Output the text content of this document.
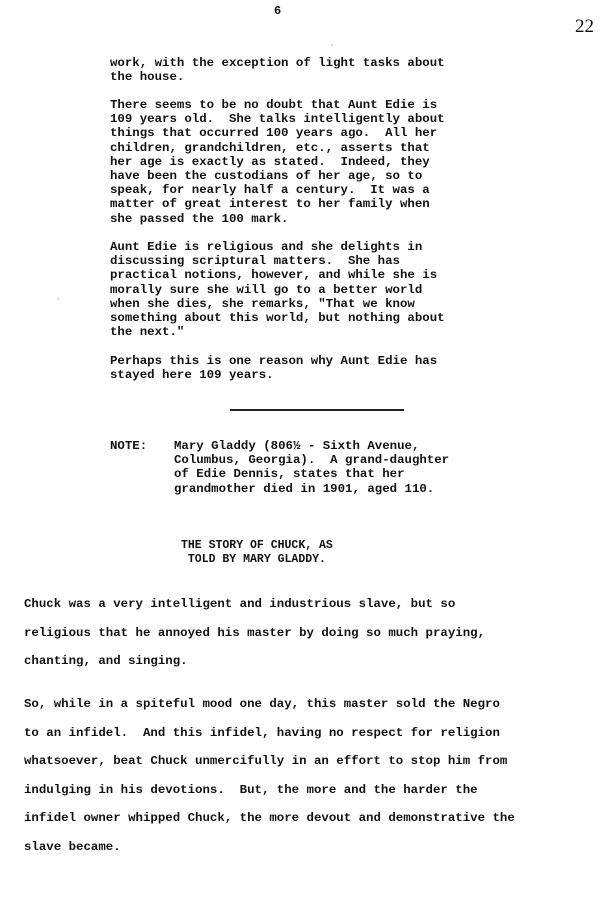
6
22
·
·
work, with the exception of light tasks about
the house.
There seems to be no doubt that Aunt Edie is
109 years old.  She talks intelligently about
things that occurred 100 years ago.  All her
children, grandchildren, etc., asserts that
her age is exactly as stated.  Indeed, they
have been the custodians of her age, so to
speak, for nearly half a century.  It was a
matter of great interest to her family when
she passed the 100 mark.
Aunt Edie is religious and she delights in
discussing scriptural matters.  She has
practical notions, however, and while she is
morally sure she will go to a better world
when she dies, she remarks, "That we know
something about this world, but nothing about
the next."
Perhaps this is one reason why Aunt Edie has
stayed here 109 years.
NOTE: Mary Gladdy (806½ - Sixth Avenue,
Columbus, Georgia).  A grand-daughter
of Edie Dennis, states that her
grandmother died in 1901, aged 110.
THE STORY OF CHUCK, AS
TOLD BY MARY GLADDY.
Chuck was a very intelligent and industrious slave, but so
religious that he annoyed his master by doing so much praying,
chanting, and singing.
So, while in a spiteful mood one day, this master sold the Negro
to an infidel.  And this infidel, having no respect for religion
whatsoever, beat Chuck unmercifully in an effort to stop him from
indulging in his devotions.  But, the more and the harder the
infidel owner whipped Chuck, the more devout and demonstrative the
slave became.
